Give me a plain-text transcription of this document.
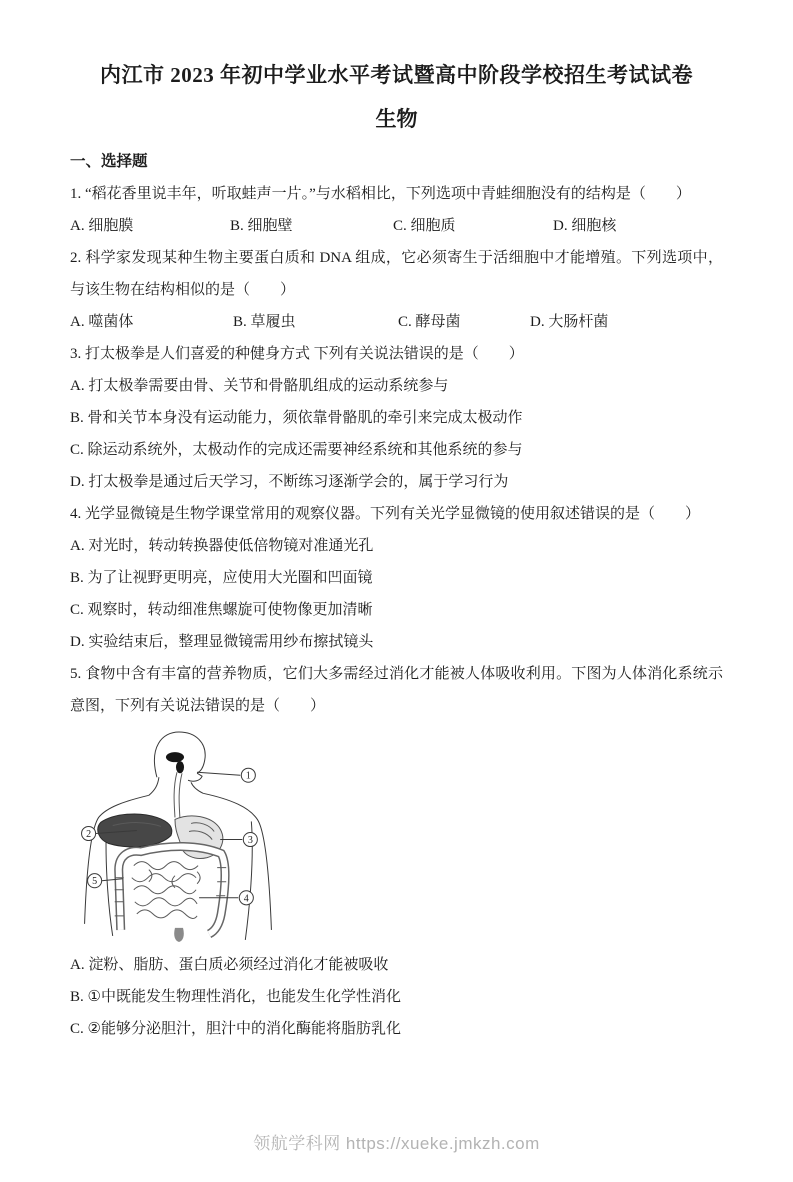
内江市 2023 年初中学业水平考试暨高中阶段学校招生考试试卷
生物
一、选择题

1. “稻花香里说丰年，听取蛙声一片。”与水稻相比，下列选项中青蛙细胞没有的结构是（　　）

A. 细胞膜	B. 细胞壁	C. 细胞质	D. 细胞核

2. 科学家发现某种生物主要蛋白质和 DNA 组成，它必须寄生于活细胞中才能增殖。下列选项中，与该生物在结构相似的是（　　）

A. 噬菌体	B. 草履虫	C. 酵母菌	D. 大肠杆菌

3. 打太极拳是人们喜爱的种健身方式 下列有关说法错误的是（　　）

A. 打太极拳需要由骨、关节和骨骼肌组成的运动系统参与
B. 骨和关节本身没有运动能力，须依靠骨骼肌的牵引来完成太极动作
C. 除运动系统外，太极动作的完成还需要神经系统和其他系统的参与
D. 打太极拳是通过后天学习，不断练习逐渐学会的，属于学习行为

4. 光学显微镜是生物学课堂常用的观察仪器。下列有关光学显微镜的使用叙述错误的是（　　）

A. 对光时，转动转换器使低倍物镜对准通光孔
B. 为了让视野更明亮，应使用大光圈和凹面镜
C. 观察时，转动细准焦螺旋可使物像更加清晰
D. 实验结束后，整理显微镜需用纱布擦拭镜头

5. 食物中含有丰富的营养物质，它们大多需经过消化才能被人体吸收利用。下图为人体消化系统示意图，下列有关说法错误的是（　　）

1
2
3
5
4
A. 淀粉、脂肪、蛋白质必须经过消化才能被吸收
B. ①中既能发生物理性消化，也能发生化学性消化
C. ②能够分泌胆汁，胆汁中的消化酶能将脂肪乳化
领航学科网 https://xueke.jmkzh.com
